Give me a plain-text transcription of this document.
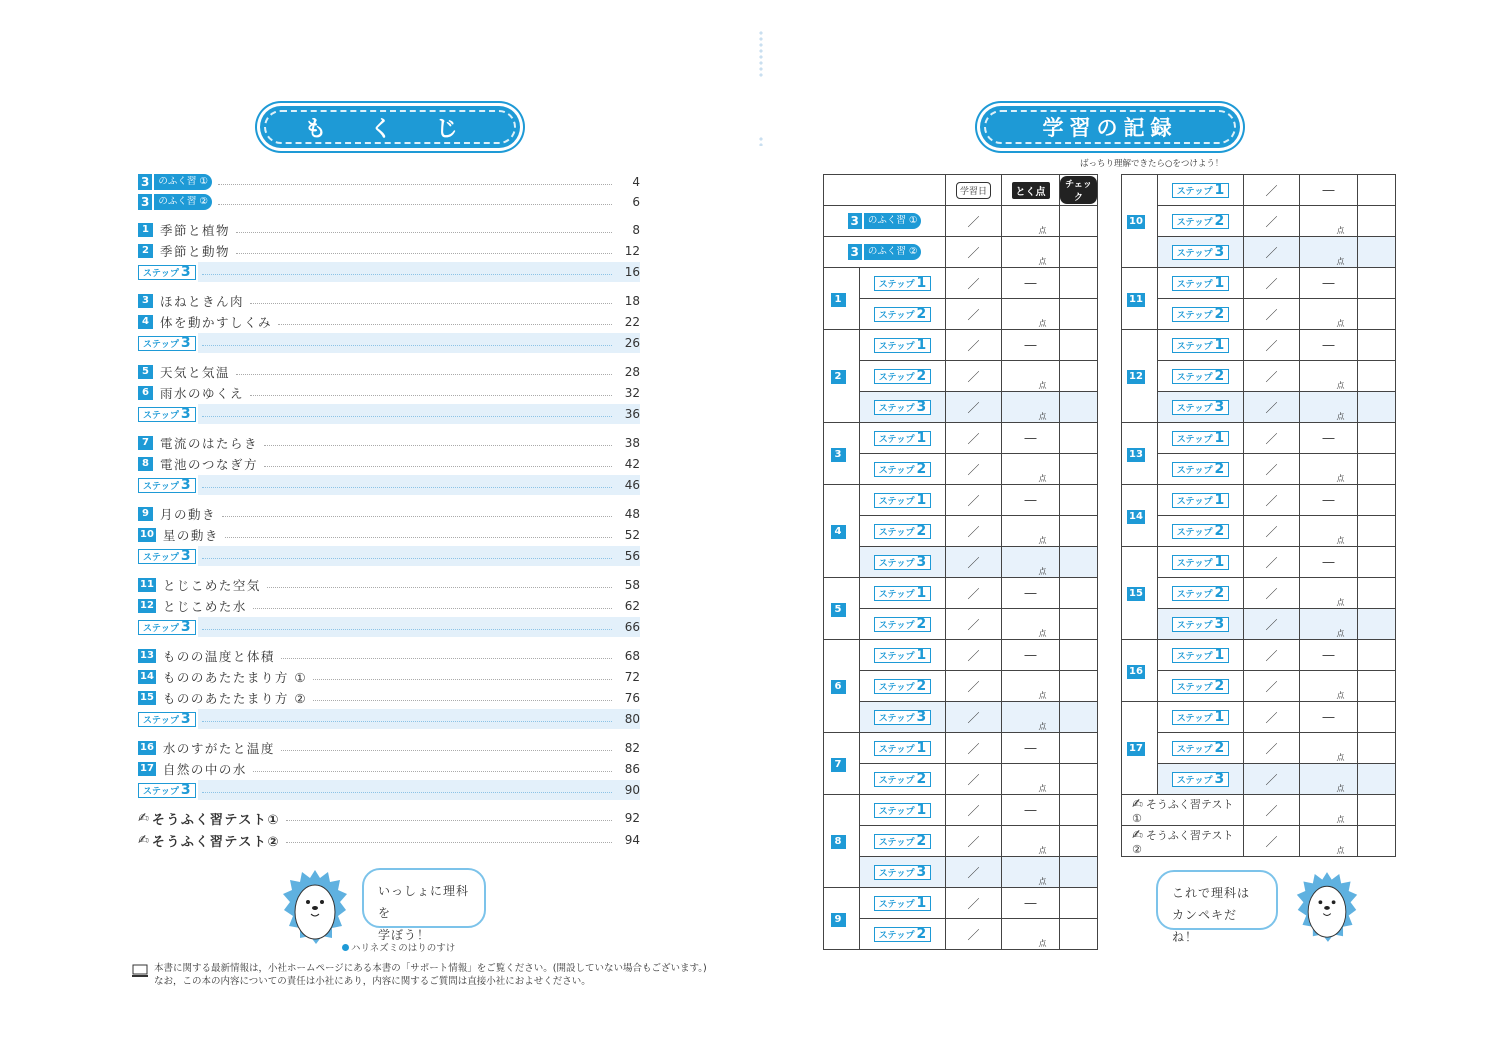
も く じ
3 のふく習 ①	4
3 のふく習 ②	6
1 季節と植物	8
2 季節と動物	12
ステップ 3	16
3 ほねときん肉	18
4 体を動かすしくみ	22
ステップ 3	26
5 天気と気温	28
6 雨水のゆくえ	32
ステップ 3	36
7 電流のはたらき	38
8 電池のつなぎ方	42
ステップ 3	46
9 月の動き	48
10 星の動き	52
ステップ 3	56
11 とじこめた空気	58
12 とじこめた水	62
ステップ 3	66
13 ものの温度と体積	68
14 もののあたたまり方 ①	72
15 もののあたたまり方 ②	76
ステップ 3	80
16 水のすがたと温度	82
17 自然の中の水	86
ステップ 3	90
✍ そうふく習テスト①	92
✍ そうふく習テスト②	94
いっしょに理科を
学ぼう！
ハリネズミのはりのすけ
本書に関する最新情報は，小社ホームページにある本書の「サポート情報」をご覧ください。(開設していない場合もございます。)
なお，この本の内容についての責任は小社にあり，内容に関するご質問は直接小社におよせください。
学習の記録
ばっちり理解できたら○をつけよう！
		学習日	とく点	チェック

3 のふく習 ①		／	$_点$	

3 のふく習 ②		／	$_点$	
1	ステップ 1	／	―	
	ステップ 2	／	$_点$	
2	ステップ 1	／	―	
	ステップ 2	／	$_点$	
	ステップ 3	／	$_点$	
3	ステップ 1	／	―	
	ステップ 2	／	$_点$	
4	ステップ 1	／	―	
	ステップ 2	／	$_点$	
	ステップ 3	／	$_点$	
5	ステップ 1	／	―	
	ステップ 2	／	$_点$	
6	ステップ 1	／	―	
	ステップ 2	／	$_点$	
	ステップ 3	／	$_点$	
7	ステップ 1	／	―	
	ステップ 2	／	$_点$	
8	ステップ 1	／	―	
	ステップ 2	／	$_点$	
	ステップ 3	／	$_点$	
9	ステップ 1	／	―	
	ステップ 2	／	$_点$	
10	ステップ 1	／	―	
	ステップ 2	／	$_点$	
	ステップ 3	／	$_点$	
11	ステップ 1	／	―	
	ステップ 2	／	$_点$	
12	ステップ 1	／	―	
	ステップ 2	／	$_点$	
	ステップ 3	／	$_点$	
13	ステップ 1	／	―	
	ステップ 2	／	$_点$	
14	ステップ 1	／	―	
	ステップ 2	／	$_点$	
15	ステップ 1	／	―	
	ステップ 2	／	$_点$	
	ステップ 3	／	$_点$	
16	ステップ 1	／	―	
	ステップ 2	／	$_点$	
17	ステップ 1	／	―	
	ステップ 2	／	$_点$	
	ステップ 3	／	$_点$	
✍ そうふく習テスト①		／	$_点$	
✍ そうふく習テスト②		／	$_点$	
これで理科は
カンペキだね！
